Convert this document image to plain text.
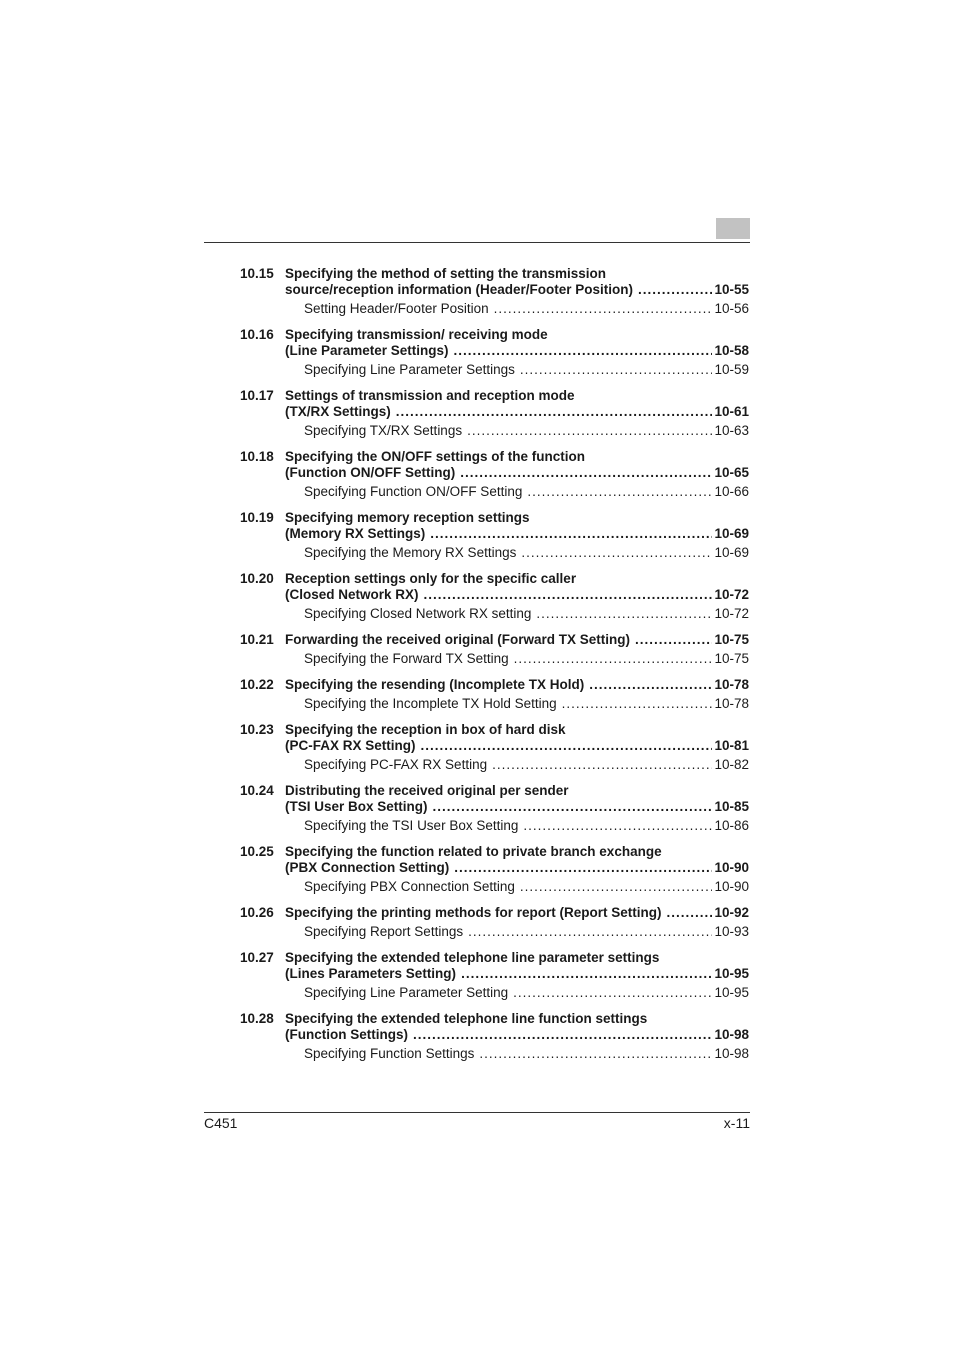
10.15 Specifying the method of setting the transmission
source/reception information (Header/Footer Position) .....	10-55
Setting Header/Footer Position .....	10-56
10.16 Specifying transmission/ receiving mode
(Line Parameter Settings) .....	10-58
Specifying Line Parameter Settings .....	10-59
10.17 Settings of transmission and reception mode
(TX/RX Settings) .....	10-61
Specifying TX/RX Settings .....	10-63
10.18 Specifying the ON/OFF settings of the function
(Function ON/OFF Setting) .....	10-65
Specifying Function ON/OFF Setting .....	10-66
10.19 Specifying memory reception settings
(Memory RX Settings) .....	10-69
Specifying the Memory RX Settings .....	10-69
10.20 Reception settings only for the specific caller
(Closed Network RX) .....	10-72
Specifying Closed Network RX setting .....	10-72
10.21 Forwarding the received original (Forward TX Setting) .....	10-75
Specifying the Forward TX Setting .....	10-75
10.22 Specifying the resending (Incomplete TX Hold) .....	10-78
Specifying the Incomplete TX Hold Setting .....	10-78
10.23 Specifying the reception in box of hard disk
(PC-FAX RX Setting) .....	10-81
Specifying PC-FAX RX Setting .....	10-82
10.24 Distributing the received original per sender
(TSI User Box Setting) .....	10-85
Specifying the TSI User Box Setting .....	10-86
10.25 Specifying the function related to private branch exchange
(PBX Connection Setting) .....	10-90
Specifying PBX Connection Setting .....	10-90
10.26 Specifying the printing methods for report (Report Setting) .....	10-92
Specifying Report Settings .....	10-93
10.27 Specifying the extended telephone line parameter settings
(Lines Parameters Setting) .....	10-95
Specifying Line Parameter Setting .....	10-95
10.28 Specifying the extended telephone line function settings
(Function Settings) .....	10-98
Specifying Function Settings .....	10-98
C451	x-11
